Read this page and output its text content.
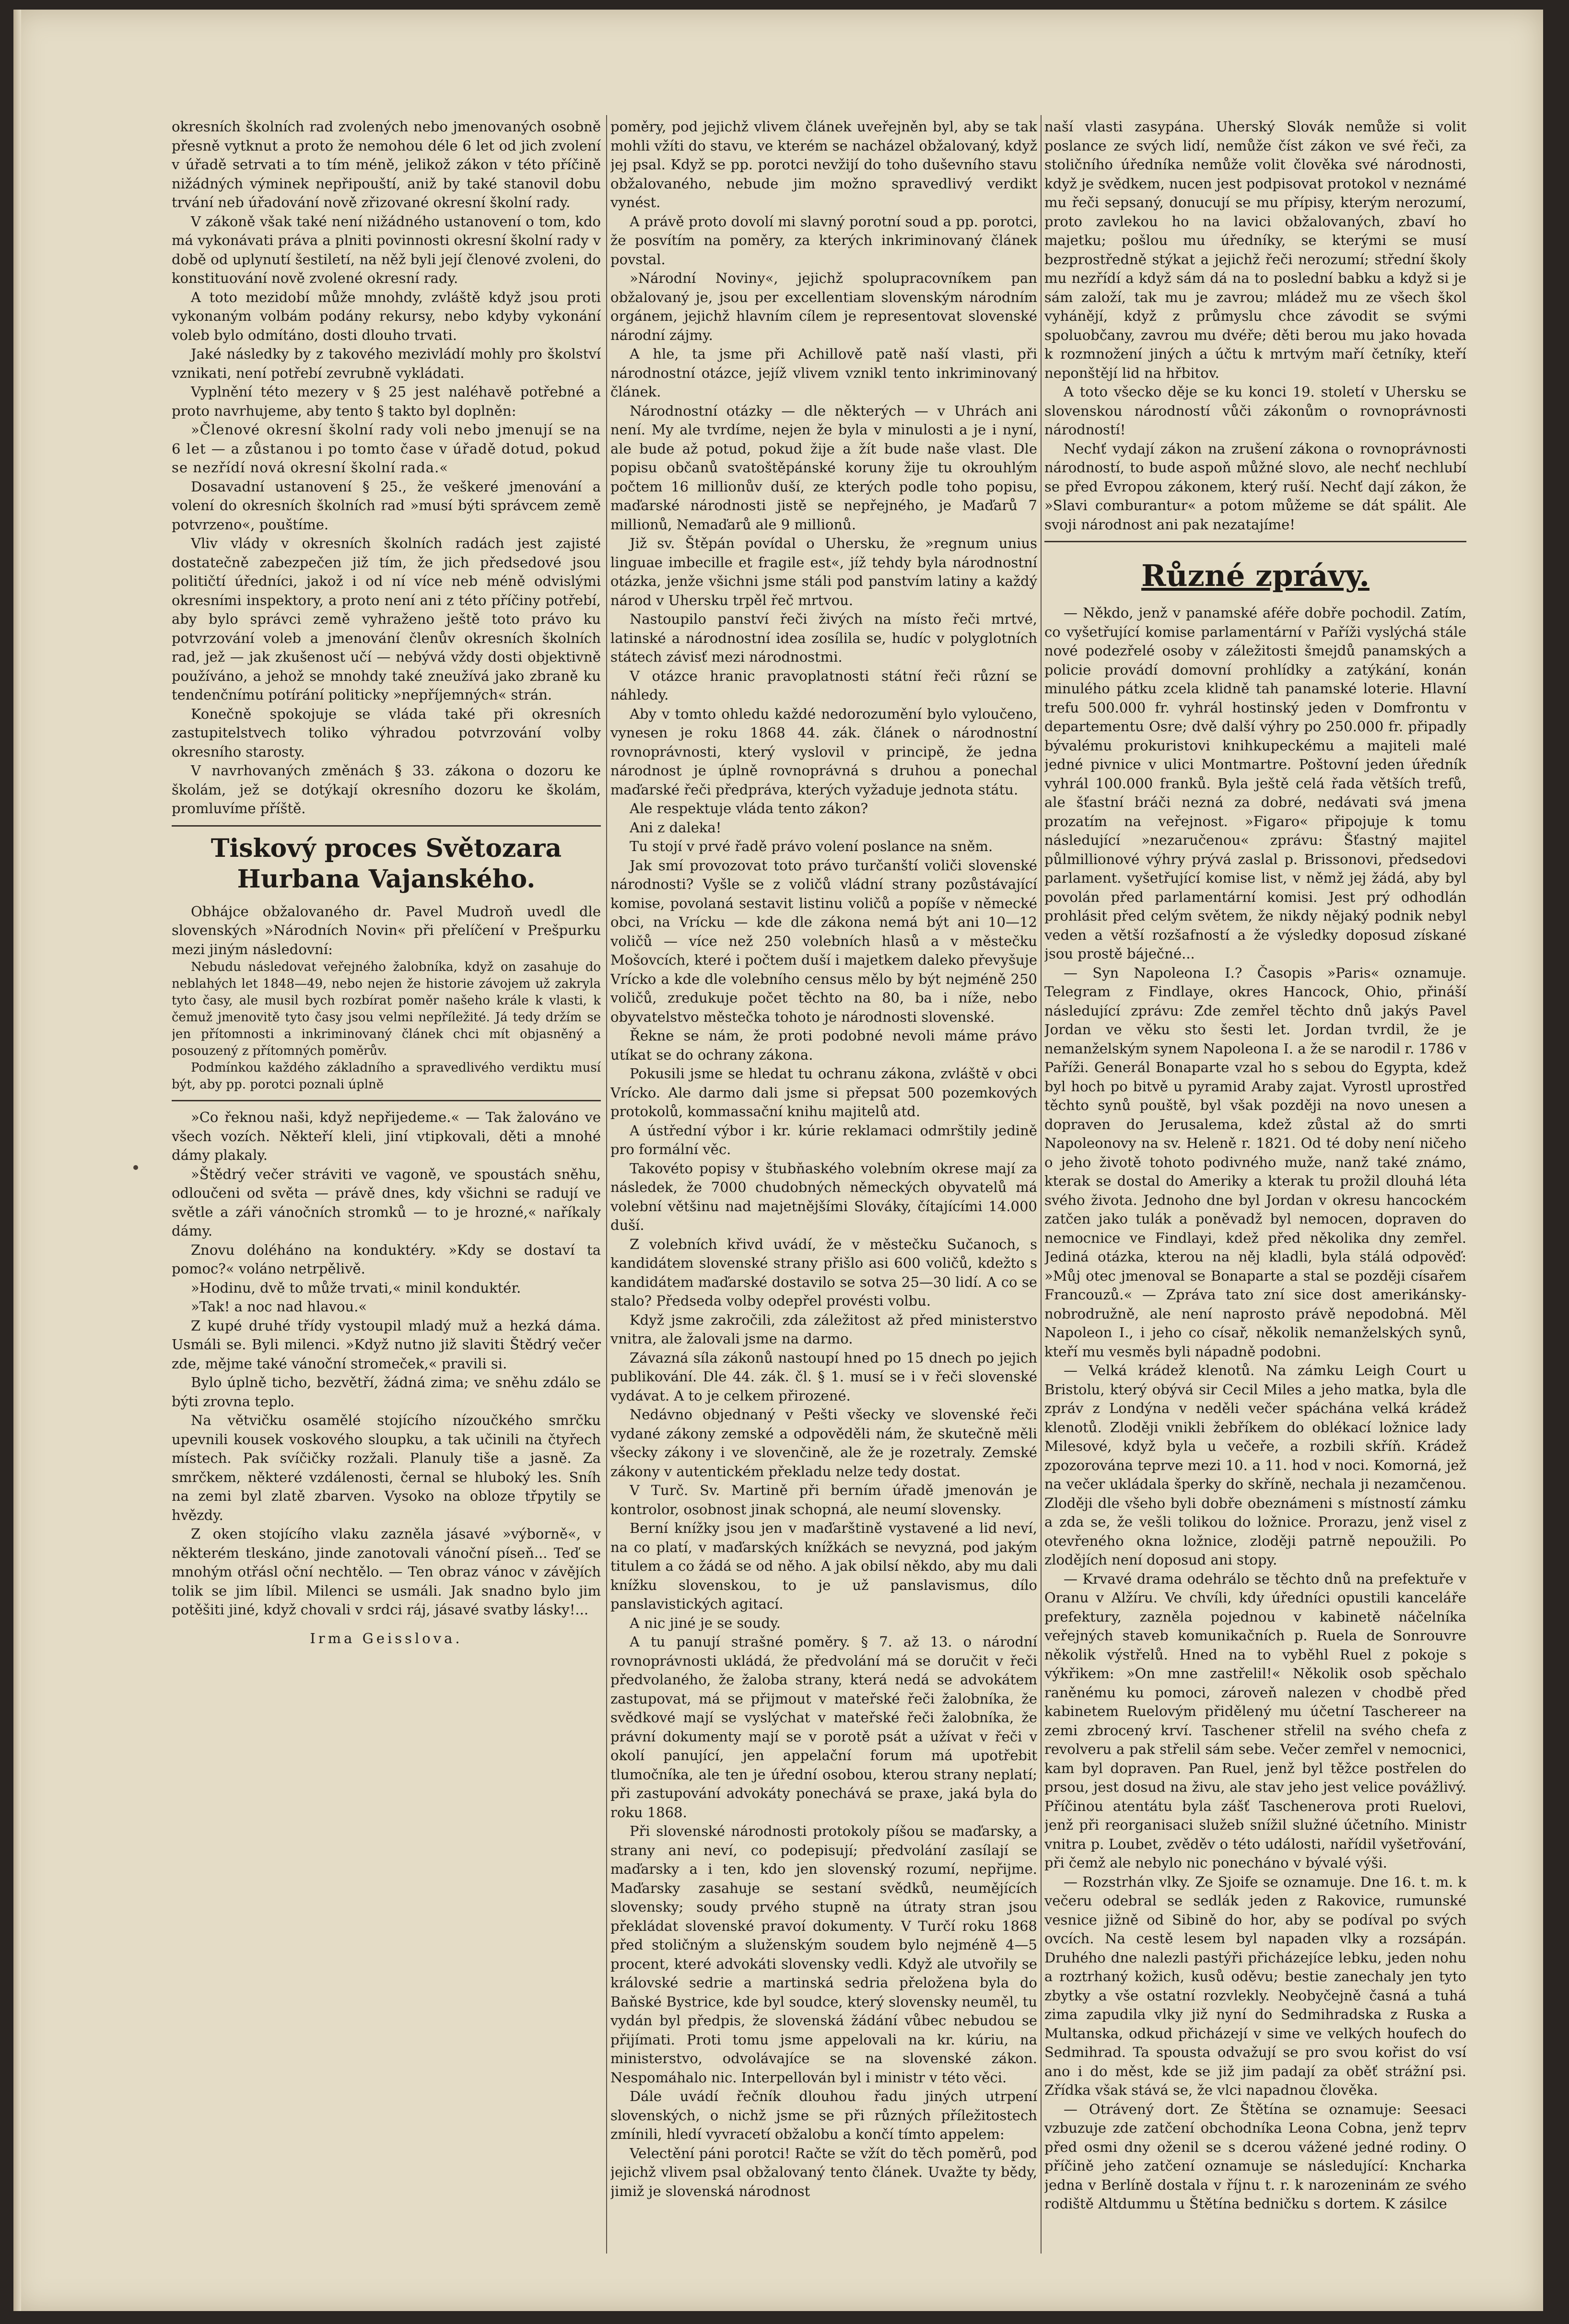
okresních školních rad zvolených nebo jmenovaných osobně přesně vytknut a proto že nemohou déle 6 let od jich zvolení v úřadě setrvati a to tím méně, jelikož zákon v této příčině nižádných výminek nepřipouští, aniž by také stanovil dobu trvání neb úřadování nově zřizované okresní školní rady.

V zákoně však také není nižádného ustanovení o tom, kdo má vykonávati práva a plniti povinnosti okresní školní rady v době od uplynutí šestiletí, na něž byli její členové zvoleni, do konstituování nově zvolené okresní rady.

A toto mezidobí může mnohdy, zvláště když jsou proti vykonaným volbám podány rekursy, nebo kdyby vykonání voleb bylo odmítáno, dosti dlouho trvati.

Jaké následky by z takového mezivládí mohly pro školství vznikati, není potřebí zevrubně vykládati.

Vyplnění této mezery v § 25 jest naléhavě potřebné a proto navrhujeme, aby tento § takto byl doplněn:

»Členové okresní školní rady voli nebo jmenují se na 6 let — a zůstanou i po tomto čase v úřadě dotud, pokud se nezřídí nová okresní školní rada.«

Dosavadní ustanovení § 25., že veškeré jmenování a volení do okresních školních rad »musí býti správcem země potvrzeno«, pouštíme.

Vliv vlády v okresních školních radách jest zajisté dostatečně zabezpečen již tím, že jich předsedové jsou političtí úředníci, jakož i od ní více neb méně odvislými okresními inspektory, a proto není ani z této příčiny potřebí, aby bylo správci země vyhraženo ještě toto právo ku potvrzování voleb a jmenování členův okresních školních rad, jež — jak zkušenost učí — nebývá vždy dosti objektivně používáno, a jehož se mnohdy také zneužívá jako zbraně ku tendenčnímu potírání politicky »nepříjemných« strán.

Konečně spokojuje se vláda také při okresních zastupitelstvech toliko výhradou potvrzování volby okresního starosty.

V navrhovaných změnách § 33. zákona o dozoru ke školám, jež se dotýkají okresního dozoru ke školám, promluvíme příště.

Tiskový proces Světozara Hurbana Vajanského.

Obhájce obžalovaného dr. Pavel Mudroň uvedl dle slovenských »Národních Novin« při přelíčení v Prešpurku mezi jiným následovní:

Nebudu následovat veřejného žalobníka, když on zasahuje do neblahých let 1848—49, nebo nejen že historie závojem už zakryla tyto časy, ale musil bych rozbírat poměr našeho krále k vlasti, k čemuž jmenovitě tyto časy jsou velmi nepříležité. Já tedy držím se jen přítomnosti a inkriminovaný článek chci mít objasněný a posouzený z přítomných poměrův.

Podmínkou každého základního a spravedlivého verdiktu musí být, aby pp. porotci poznali úplně

»Co řeknou naši, když nepřijedeme.« — Tak žalováno ve všech vozích. Někteří kleli, jiní vtipkovali, děti a mnohé dámy plakaly.

»Štědrý večer stráviti ve vagoně, ve spoustách sněhu, odloučeni od světa — právě dnes, kdy všichni se radují ve světle a záři vánočních stromků — to je hrozné,« naříkaly dámy.

Znovu doléháno na konduktéry. »Kdy se dostaví ta pomoc?« voláno netrpělivě.

»Hodinu, dvě to může trvati,« minil konduktér.

»Tak! a noc nad hlavou.«

Z kupé druhé třídy vystoupil mladý muž a hezká dáma. Usmáli se. Byli milenci. »Když nutno již slaviti Štědrý večer zde, mějme také vánoční stromeček,« pravili si.

Bylo úplně ticho, bezvětří, žádná zima; ve sněhu zdálo se býti zrovna teplo.

Na větvičku osamělé stojícího nízoučkého smrčku upevnili kousek voskového sloupku, a tak učinili na čtyřech místech. Pak svíčičky rozžali. Planuly tiše a jasně. Za smrčkem, některé vzdálenosti, černal se hluboký les. Sníh na zemi byl zlatě zbarven. Vysoko na obloze třpytily se hvězdy.

Z oken stojícího vlaku zazněla jásavé »výborně«, v některém tleskáno, jinde zanotovali vánoční píseň... Teď se mnohým otřásl oční nechtělo. — Ten obraz vánoc v závějích tolik se jim líbil. Milenci se usmáli. Jak snadno bylo jim potěšiti jiné, když chovali v srdci ráj, jásavé svatby lásky!...

Irma Geisslova.

poměry, pod jejichž vlivem článek uveřejněn byl, aby se tak mohli vžíti do stavu, ve kterém se nacházel obžalovaný, když jej psal. Když se pp. porotci nevžijí do toho duševního stavu obžalovaného, nebude jim možno spravedlivý verdikt vynést.

A právě proto dovolí mi slavný porotní soud a pp. porotci, že posvítím na poměry, za kterých inkriminovaný článek povstal.

»Národní Noviny«, jejichž spolupracovníkem pan obžalovaný je, jsou per excellentiam slovenským národním orgánem, jejichž hlavním cílem je representovat slovenské národní zájmy.

A hle, ta jsme při Achillově patě naší vlasti, při národnostní otázce, jejíž vlivem vznikl tento inkriminovaný článek.

Národnostní otázky — dle některých — v Uhrách ani není. My ale tvrdíme, nejen že byla v minulosti a je i nyní, ale bude až potud, pokud žije a žít bude naše vlast. Dle popisu občanů svatoštěpánské koruny žije tu okrouhlým počtem 16 millionův duší, ze kterých podle toho popisu, maďarské národnosti jistě se nepřejného, je Maďarů 7 millionů, Nemaďarů ale 9 millionů.

Již sv. Štěpán povídal o Uhersku, že »regnum unius linguae imbecille et fragile est«, jíž tehdy byla národnostní otázka, jenže všichni jsme stáli pod panstvím latiny a každý národ v Uhersku trpěl řeč mrtvou.

Nastoupilo panství řeči živých na místo řeči mrtvé, latinské a národnostní idea zosílila se, hudíc v polyglotních státech závisť mezi národnostmi.

V otázce hranic pravoplatnosti státní řeči různí se náhledy.

Aby v tomto ohledu každé nedorozumění bylo vyloučeno, vynesen je roku 1868 44. zák. článek o národnostní rovnoprávnosti, který vyslovil v principě, že jedna národnost je úplně rovnoprávná s druhou a ponechal maďarské řeči předpráva, kterých vyžaduje jednota státu.

Ale respektuje vláda tento zákon?

Ani z daleka!

Tu stojí v prvé řadě právo volení poslance na sněm.

Jak smí provozovat toto právo turčanští voliči slovenské národnosti? Vyšle se z voličů vládní strany pozůstávající komise, povolaná sestavit listinu voličů a popíše v německé obci, na Vrícku — kde dle zákona nemá být ani 10—12 voličů — více než 250 volebních hlasů a v městečku Mošovcích, které i počtem duší i majetkem daleko převyšuje Vrícko a kde dle volebního census mělo by být nejméně 250 voličů, zredukuje počet těchto na 80, ba i níže, nebo obyvatelstvo městečka tohoto je národnosti slovenské.

Řekne se nám, že proti podobné nevoli máme právo utíkat se do ochrany zákona.

Pokusili jsme se hledat tu ochranu zákona, zvláště v obci Vrícko. Ale darmo dali jsme si přepsat 500 pozemkových protokolů, kommassační knihu majitelů atd.

A ústřední výbor i kr. kúrie reklamaci odmrštily jedině pro formální věc.

Takovéto popisy v štubňaského volebním okrese mají za následek, že 7000 chudobných německých obyvatelů má volební většinu nad majetnějšími Slováky, čítajícími 14.000 duší.

Z volebních křivd uvádí, že v městečku Sučanoch, s kandidátem slovenské strany přišlo asi 600 voličů, kdežto s kandidátem maďarské dostavilo se sotva 25—30 lidí. A co se stalo? Předseda volby odepřel provésti volbu.

Když jsme zakročili, zda záležitost až před ministerstvo vnitra, ale žalovali jsme na darmo.

Závazná síla zákonů nastoupí hned po 15 dnech po jejich publikování. Dle 44. zák. čl. § 1. musí se i v řeči slovenské vydávat. A to je celkem přirozené.

Nedávno objednaný v Pešti všecky ve slovenské řeči vydané zákony zemské a odpověděli nám, že skutečně měli všecky zákony i ve slovenčině, ale že je rozetraly. Zemské zákony v autentickém překladu nelze tedy dostat.

V Turč. Sv. Martině při berním úřadě jmenován je kontrolor, osobnost jinak schopná, ale neumí slovensky.

Berní knížky jsou jen v maďarštině vystavené a lid neví, na co platí, v maďarských knížkách se nevyzná, pod jakým titulem a co žádá se od něho. A jak obilsí někdo, aby mu dali knížku slovenskou, to je už panslavismus, dílo panslavistických agitací.

A nic jiné je se soudy.

A tu panují strašné poměry. § 7. až 13. o národní rovnoprávnosti ukládá, že předvolání má se doručit v řeči předvolaného, že žaloba strany, která nedá se advokátem zastupovat, má se přijmout v mateřské řeči žalobníka, že svědkové mají se vyslýchat v mateřské řeči žalobníka, že právní dokumenty mají se v porotě psát a užívat v řeči v okolí panující, jen appelační forum má upotřebit tlumočníka, ale ten je úřední osobou, kterou strany neplatí; při zastupování advokáty ponechává se praxe, jaká byla do roku 1868.

Při slovenské národnosti protokoly píšou se maďarsky, a strany ani neví, co podepisují; předvolání zasílají se maďarsky a i ten, kdo jen slovenský rozumí, nepřijme. Maďarsky zasahuje se sestaní svědků, neumějících slovensky; soudy prvého stupně na útraty stran jsou překládat slovenské pravoí dokumenty. V Turčí roku 1868 před stoličným a služenským soudem bylo nejméně 4—5 procent, které advokáti slovensky vedli. Když ale utvořily se královské sedrie a martinská sedria přeložena byla do Baňské Bystrice, kde byl soudce, který slovensky neuměl, tu vydán byl předpis, že slovenská žádání vůbec nebudou se přijímati. Proti tomu jsme appelovali na kr. kúriu, na ministerstvo, odvolávajíce se na slovenské zákon. Nespomáhalo nic. Interpellován byl i ministr v této věci.

Dále uvádí řečník dlouhou řadu jiných utrpení slovenských, o nichž jsme se při různých příležitostech zmínili, hledí vyvracetí obžalobu a končí tímto appelem:

Velectění páni porotci! Račte se vžít do těch poměrů, pod jejichž vlivem psal obžalovaný tento článek. Uvažte ty bědy, jimiž je slovenská národnost

naší vlasti zasypána. Uherský Slovák nemůže si volit poslance ze svých lidí, nemůže číst zákon ve své řeči, za stoličního úředníka nemůže volit člověka své národnosti, když je svědkem, nucen jest podpisovat protokol v neznámé mu řeči sepsaný, donucují se mu přípisy, kterým nerozumí, proto zavlekou ho na lavici obžalovaných, zbaví ho majetku; pošlou mu úředníky, se kterými se musí bezprostředně stýkat a jejichž řeči nerozumí; střední školy mu nezřídí a když sám dá na to poslední babku a když si je sám založí, tak mu je zavrou; mládež mu ze všech škol vyhánějí, když z průmyslu chce závodit se svými spoluobčany, zavrou mu dvéře; děti berou mu jako hovada k rozmnožení jiných a účtu k mrtvým maří četníky, kteří neponštějí lid na hřbitov.

A toto všecko děje se ku konci 19. století v Uhersku se slovenskou národností vůči zákonům o rovnoprávnosti národností!

Nechť vydají zákon na zrušení zákona o rovnoprávnosti národností, to bude aspoň můžné slovo, ale nechť nechlubí se před Evropou zákonem, který ruší. Nechť dají zákon, že »Slavi comburantur« a potom můžeme se dát spálit. Ale svoji národnost ani pak nezatajíme!

Různé zprávy.

— Někdo, jenž v panamské aféře dobře pochodil. Zatím, co vyšetřující komise parlamentární v Paříži vyslýchá stále nové podezřelé osoby v záležitosti šmejdů panamských a policie provádí domovní prohlídky a zatýkání, konán minulého pátku zcela klidně tah panamské loterie. Hlavní trefu 500.000 fr. vyhrál hostinský jeden v Domfrontu v departementu Osre; dvě další výhry po 250.000 fr. připadly bývalému prokuristovi knihkupeckému a majiteli malé jedné pivnice v ulici Montmartre. Poštovní jeden úředník vyhrál 100.000 franků. Byla ještě celá řada větších trefů, ale šťastní bráči nezná za dobré, nedávati svá jmena prozatím na veřejnost. »Figaro« připojuje k tomu následující »nezaručenou« zprávu: Šťastný majitel půlmillionové výhry prývá zaslal p. Brissonovi, předsedovi parlament. vyšetřující komise list, v němž jej žádá, aby byl povolán před parlamentární komisi. Jest prý odhodlán prohlásit před celým světem, že nikdy nějaký podnik nebyl veden a větší rozšafností a že výsledky doposud získané jsou prostě báječné...

— Syn Napoleona I.? Časopis »Paris« oznamuje. Telegram z Findlaye, okres Hancock, Ohio, přináší následující zprávu: Zde zemřel těchto dnů jakýs Pavel Jordan ve věku sto šesti let. Jordan tvrdil, že je nemanželským synem Napoleona I. a že se narodil r. 1786 v Paříži. Generál Bonaparte vzal ho s sebou do Egypta, kdež byl hoch po bitvě u pyramid Araby zajat. Vyrostl uprostřed těchto synů pouště, byl však později na novo unesen a dopraven do Jerusalema, kdež zůstal až do smrti Napoleonovy na sv. Heleně r. 1821. Od té doby není ničeho o jeho životě tohoto podivného muže, nanž také známo, kterak se dostal do Ameriky a kterak tu prožil dlouhá léta svého života. Jednoho dne byl Jordan v okresu hancockém zatčen jako tulák a poněvadž byl nemocen, dopraven do nemocnice ve Findlayi, kdež před několika dny zemřel. Jediná otázka, kterou na něj kladli, byla stálá odpověď: »Můj otec jmenoval se Bonaparte a stal se později císařem Francouzů.« — Zpráva tato zní sice dost amerikánsky-nobrodružně, ale není naprosto právě nepodobná. Měl Napoleon I., i jeho co císař, několik nemanželských synů, kteří mu vesměs byli nápadně podobni.

— Velká krádež klenotů. Na zámku Leigh Court u Bristolu, který obývá sir Cecil Miles a jeho matka, byla dle zpráv z Londýna v neděli večer spáchána velká krádež klenotů. Zloději vnikli žebříkem do oblékací ložnice lady Milesové, když byla u večeře, a rozbili skříň. Krádež zpozorována teprve mezi 10. a 11. hod v noci. Komorná, jež na večer ukládala šperky do skříně, nechala ji nezamčenou. Zloději dle všeho byli dobře obeznámeni s místností zámku a zda se, že vešli tolikou do ložnice. Prorazu, jenž visel z otevřeného okna ložnice, zloději patrně nepoužili. Po zlodějích není doposud ani stopy.

— Krvavé drama odehrálo se těchto dnů na prefektuře v Oranu v Alžíru. Ve chvíli, kdy úředníci opustili kanceláře prefektury, zazněla pojednou v kabinetě náčelníka veřejných staveb komunikačních p. Ruela de Sonrouvre několik výstřelů. Hned na to vyběhl Ruel z pokoje s výkřikem: »On mne zastřelil!« Několik osob spěchalo raněnému ku pomoci, zároveň nalezen v chodbě před kabinetem Ruelovým přidělený mu účetní Taschereer na zemi zbrocený krví. Taschener střelil na svého chefa z revolveru a pak střelil sám sebe. Večer zemřel v nemocnici, kam byl dopraven. Pan Ruel, jenž byl těžce postřelen do prsou, jest dosud na živu, ale stav jeho jest velice povážlivý. Příčinou atentátu byla zášť Taschenerova proti Ruelovi, jenž při reorganisaci služeb snížil služné účetního. Ministr vnitra p. Loubet, zvěděv o této události, nařídil vyšetřování, při čemž ale nebylo nic ponecháno v bývalé výši.

— Rozstrhán vlky. Ze Sjoife se oznamuje. Dne 16. t. m. k večeru odebral se sedlák jeden z Rakovice, rumunské vesnice jižně od Sibině do hor, aby se podíval po svých ovcích. Na cestě lesem byl napaden vlky a rozsápán. Druhého dne nalezli pastýři přicházejíce lebku, jeden nohu a roztrhaný kožich, kusů oděvu; bestie zanechaly jen tyto zbytky a vše ostatní rozvlekly. Neobyčejně časná a tuhá zima zapudila vlky již nyní do Sedmihradska z Ruska a Multanska, odkud přicházejí v sime ve velkých houfech do Sedmihrad. Ta spousta odvažují se pro svou kořist do vsí ano i do měst, kde se již jim padají za oběť strážní psi. Zřídka však stává se, že vlci napadnou člověka.

— Otrávený dort. Ze Štětína se oznamuje: Seesaci vzbuzuje zde zatčení obchodníka Leona Cobna, jenž teprv před osmi dny oženil se s dcerou vážené jedné rodiny. O příčině jeho zatčení oznamuje se následující: Kncharka jedna v Berlíně dostala v říjnu t. r. k narozeninám ze svého rodiště Altdummu u Štětína bedničku s dortem. K zásilce
